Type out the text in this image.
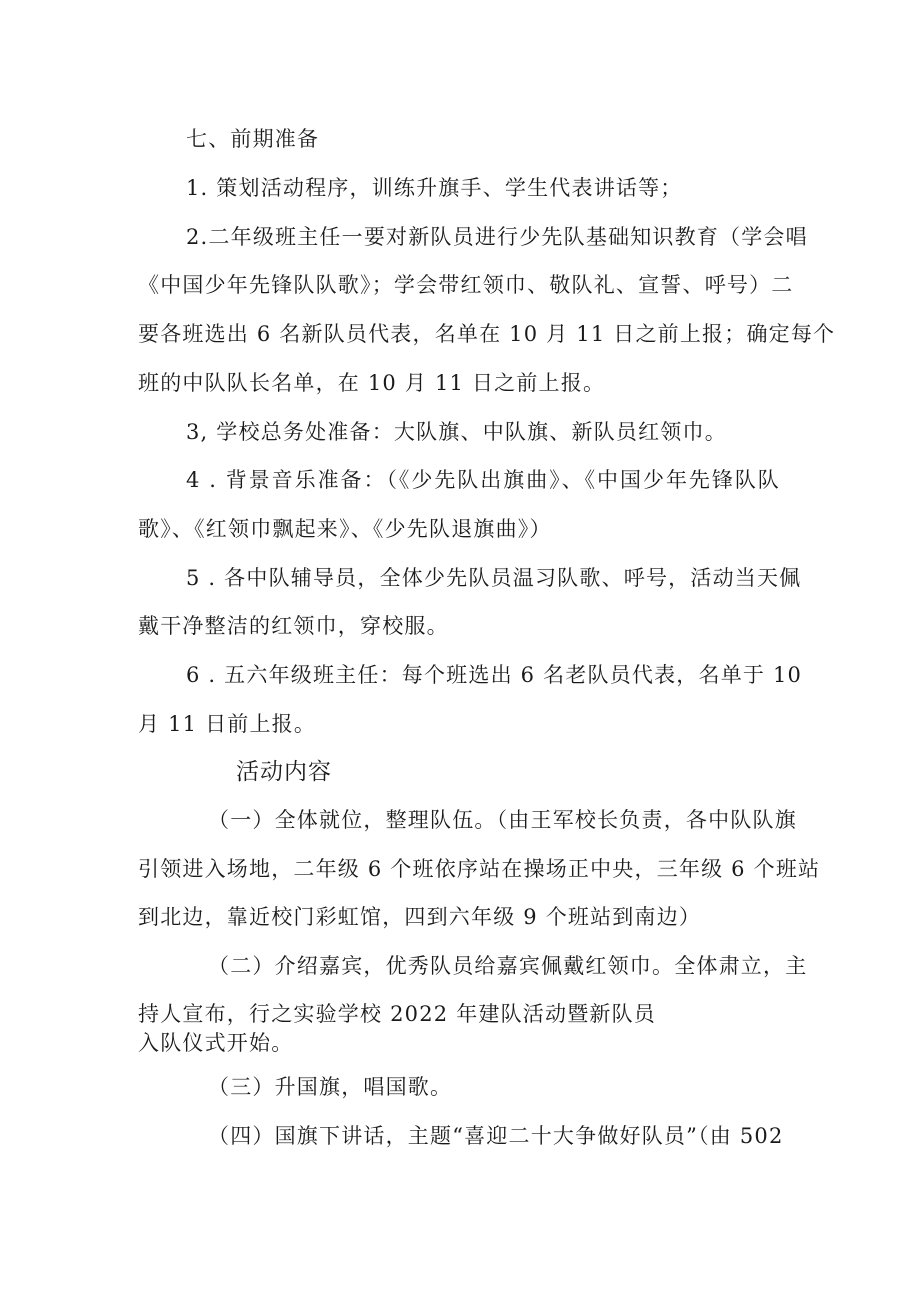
七、前期准备
1. 策划活动程序，训练升旗手、学生代表讲话等；
2.二年级班主任一要对新队员进行少先队基础知识教育（学会唱
《中国少年先锋队队歌》；学会带红领巾、敬队礼、宣誓、呼号）二
要各班选出 6 名新队员代表，名单在 10 月 11 日之前上报；确定每个
班的中队队长名单，在 10 月 11 日之前上报。
3, 学校总务处准备：大队旗、中队旗、新队员红领巾。
4 . 背景音乐准备：（《少先队出旗曲》、《中国少年先锋队队
歌》、《红领巾飘起来》、《少先队退旗曲》）
5 . 各中队辅导员，全体少先队员温习队歌、呼号，活动当天佩
戴干净整洁的红领巾，穿校服。
6 . 五六年级班主任：每个班选出 6 名老队员代表，名单于 10
月 11 日前上报。
活动内容
（一）全体就位，整理队伍。（由王军校长负责，各中队队旗
引领进入场地，二年级 6 个班依序站在操场正中央，三年级 6 个班站
到北边，靠近校门彩虹馆，四到六年级 9 个班站到南边）
（二）介绍嘉宾，优秀队员给嘉宾佩戴红领巾。全体肃立，主
持人宣布，行之实验学校 2022 年建队活动暨新队员
入队仪式开始。
（三）升国旗，唱国歌。
（四）国旗下讲话，主题“喜迎二十大争做好队员”（由 502
